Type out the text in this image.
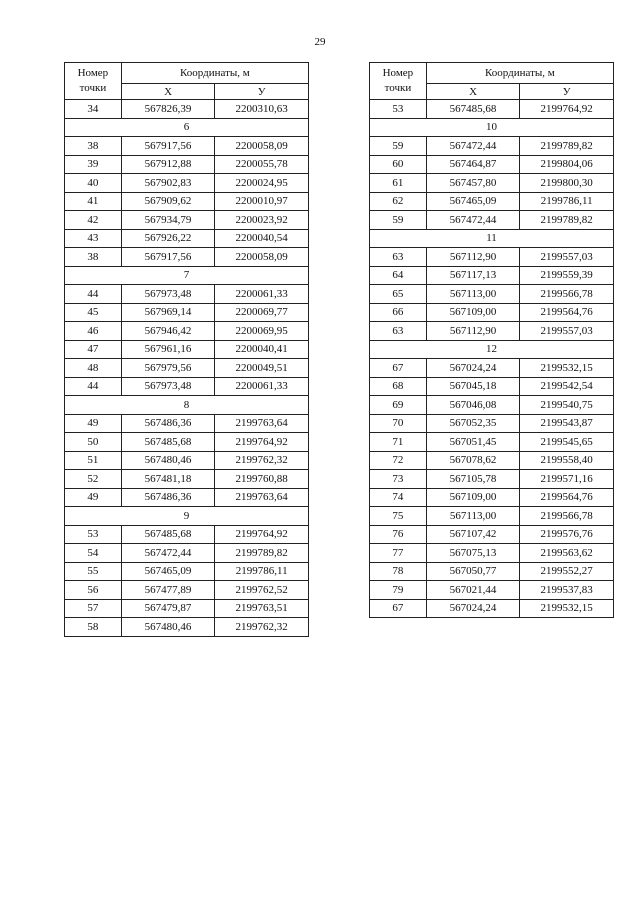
29
Номер точки	Координаты, м	
	X	У
34	567826,39	2200310,63
6		
38	567917,56	2200058,09
39	567912,88	2200055,78
40	567902,83	2200024,95
41	567909,62	2200010,97
42	567934,79	2200023,92
43	567926,22	2200040,54
38	567917,56	2200058,09
7		
44	567973,48	2200061,33
45	567969,14	2200069,77
46	567946,42	2200069,95
47	567961,16	2200040,41
48	567979,56	2200049,51
44	567973,48	2200061,33
8		
49	567486,36	2199763,64
50	567485,68	2199764,92
51	567480,46	2199762,32
52	567481,18	2199760,88
49	567486,36	2199763,64
9		
53	567485,68	2199764,92
54	567472,44	2199789,82
55	567465,09	2199786,11
56	567477,89	2199762,52
57	567479,87	2199763,51
58	567480,46	2199762,32
Номер точки	Координаты, м	
	X	У
53	567485,68	2199764,92
10		
59	567472,44	2199789,82
60	567464,87	2199804,06
61	567457,80	2199800,30
62	567465,09	2199786,11
59	567472,44	2199789,82
11		
63	567112,90	2199557,03
64	567117,13	2199559,39
65	567113,00	2199566,78
66	567109,00	2199564,76
63	567112,90	2199557,03
12		
67	567024,24	2199532,15
68	567045,18	2199542,54
69	567046,08	2199540,75
70	567052,35	2199543,87
71	567051,45	2199545,65
72	567078,62	2199558,40
73	567105,78	2199571,16
74	567109,00	2199564,76
75	567113,00	2199566,78
76	567107,42	2199576,76
77	567075,13	2199563,62
78	567050,77	2199552,27
79	567021,44	2199537,83
67	567024,24	2199532,15
